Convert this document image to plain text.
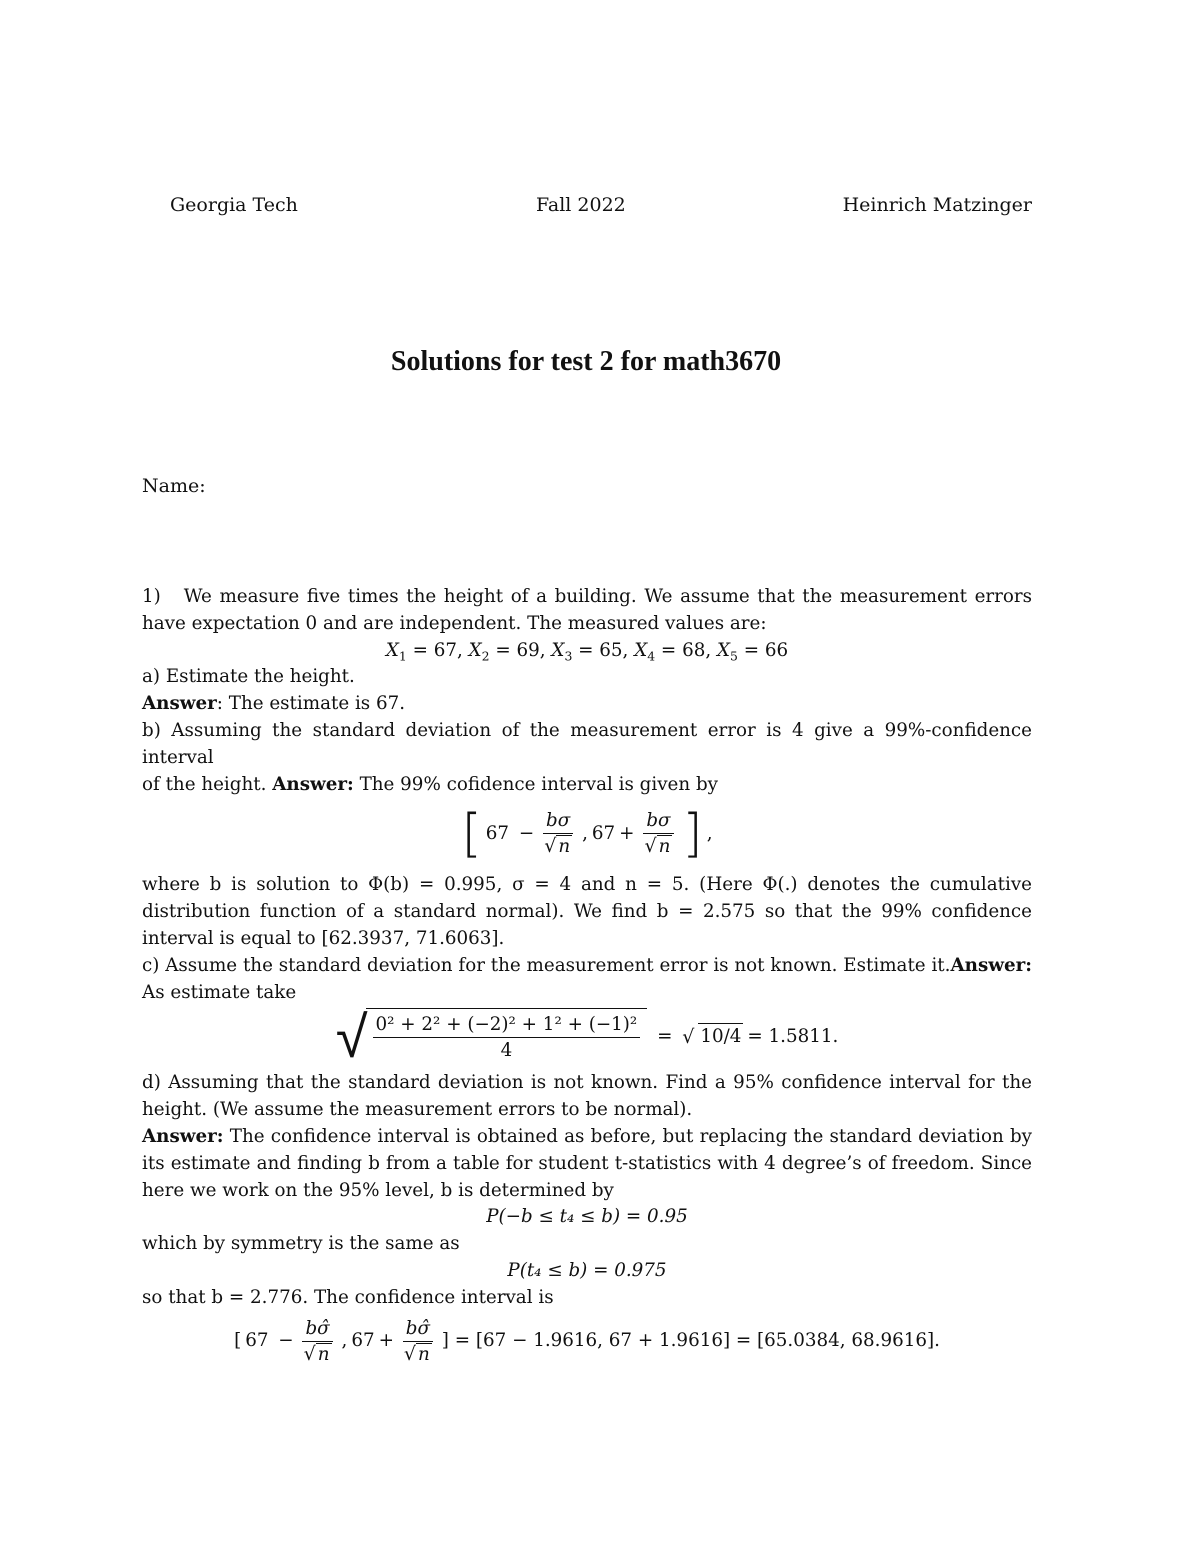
Georgia Tech	Fall 2022	Heinrich Matzinger
Solutions for test 2 for math3670
Name:

1) We measure five times the height of a building. We assume that the measurement errors

have expectation 0 and are independent. The measured values are:

$X_1 = 67$, $X_2 = 69$, $X_3 = 65$, $X_4 = 68$, $X_5 = 66$

a) Estimate the height.

Answer: The estimate is 67.

b) Assuming the standard deviation of the measurement error is 4 give a 99%-confidence interval

of the height. Answer: The 99% cofidence interval is given by

[ $67 - \frac{b\sigma}{√ n}$ , $67 + \frac{b\sigma}{√ n}$ ] ,

where b is solution to Φ(b) = 0.995, σ = 4 and n = 5. (Here Φ(.) denotes the cumulative

distribution function of a standard normal). We find b = 2.575 so that the 99% confidence

interval is equal to [62.3937, 71.6063].

c) Assume the standard deviation for the measurement error is not known. Estimate it.Answer:

As estimate take

√ $\frac{\text{0² + 2² + (−2)² + 1² + (−1)²}}{4}$ = √ 10/4 = 1.5811.

d) Assuming that the standard deviation is not known. Find a 95% confidence interval for the

height. (We assume the measurement errors to be normal).

Answer: The confidence interval is obtained as before, but replacing the standard deviation by

its estimate and finding b from a table for student t-statistics with 4 degree’s of freedom. Since

here we work on the 95% level, b is determined by

P(−b ≤ t₄ ≤ b) = 0.95

which by symmetry is the same as

P(t₄ ≤ b) = 0.975

so that b = 2.776. The confidence interval is

[ $67 - \frac{b\sigmâ}{√ n}$ , $67 + \frac{b\sigmâ}{√ n}$ ] = [67 − 1.9616, 67 + 1.9616] = [65.0384, 68.9616].
